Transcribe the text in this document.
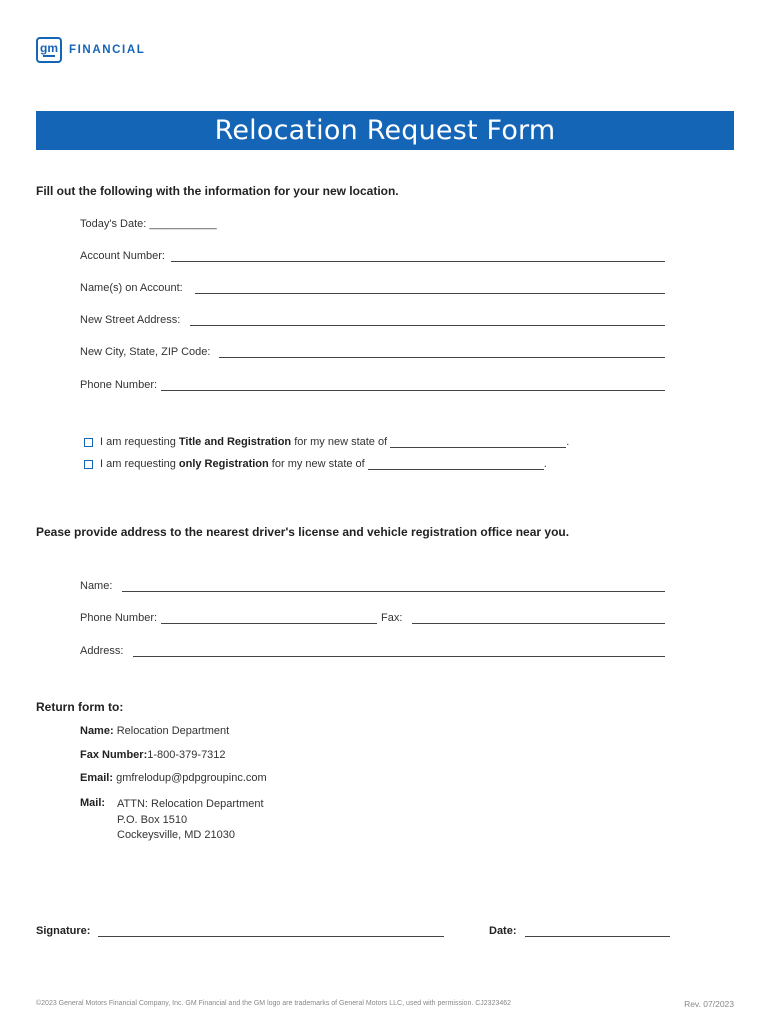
gm FINANCIAL
Relocation Request Form
Fill out the following with the information for your new location.
Today's Date: ___________
Account Number:
Name(s) on Account:
New Street Address:
New City, State, ZIP Code:
Phone Number:
I am requesting
Title and Registration
for my new state of
	.
I am requesting
only Registration
for my new state of
	.
Pease provide address to the nearest driver's license and vehicle registration office near you.
Name:
Phone Number:	Fax:
Address:
Return form to:
Name: Relocation Department
Fax Number:1-800-379-7312
Email: gmfrelodup@pdpgroupinc.com
Mail: ATTN: Relocation Department
P.O. Box 1510
Cockeysville, MD 21030
Signature:	Date:
©2023 General Motors Financial Company, Inc. GM Financial and the GM logo are trademarks of General Motors LLC, used with permission. CJ2323462	Rev. 07/2023
